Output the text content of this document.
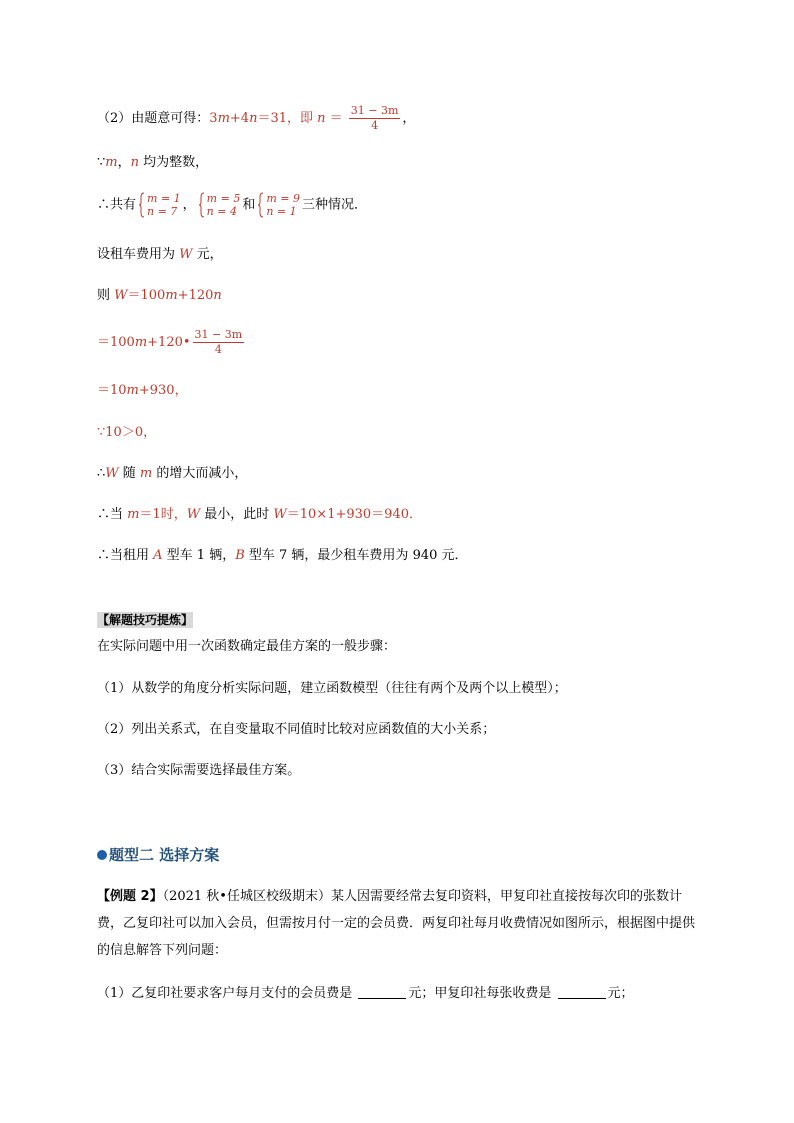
（2）由题意可得：3m+4n＝31，即 $n = \frac{31 - 3m}{4}$ ，
∵m，n 均为整数，
∴共有 m = 1
n = 7 ， m = 5
n = 4 和 m = 9
n = 1 三种情况．
设租车费用为 W 元，
则 W＝100m+120n
＝100m+120• $\frac{31 - 3m}{4}$
＝10m+930，
∵10＞0，
∴W 随 m 的增大而减小，
∴当 m＝1时，W 最小，此时 W＝10×1+930＝940．
∴当租用 A 型车 1 辆，B 型车 7 辆，最少租车费用为 940 元．
【解题技巧提炼】
在实际问题中用一次函数确定最佳方案的一般步骤：
（1）从数学的角度分析实际问题，建立函数模型（往往有两个及两个以上模型）；
（2）列出关系式，在自变量取不同值时比较对应函数值的大小关系；
（3）结合实际需要选择最佳方案。
题型二 选择方案
【例题 2】（2021 秋•任城区校级期末）某人因需要经常去复印资料，甲复印社直接按每次印的张数计费，乙复印社可以加入会员，但需按月付一定的会员费．两复印社每月收费情况如图所示，根据图中提供的信息解答下列问题：
（1）乙复印社要求客户每月支付的会员费是	元；甲复印社每张收费是	元；
